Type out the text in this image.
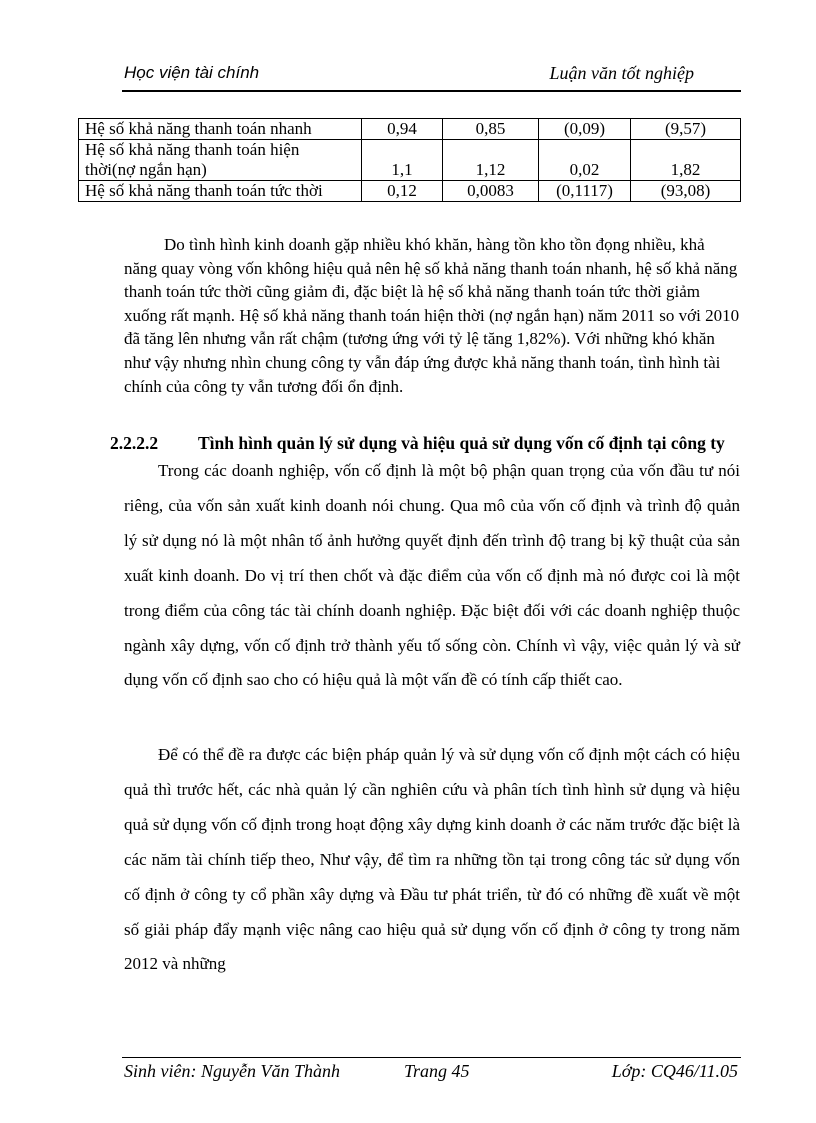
Học viện tài chính	Luận văn tốt nghiệp
Hệ số khả năng thanh toán nhanh	0,94	0,85	(0,09)	(9,57)
Hệ số khả năng thanh toán hiện
thời(nợ ngắn hạn)	1,1	1,12	0,02	1,82
Hệ số khả năng thanh toán tức thời	0,12	0,0083	(0,1117)	(93,08)
Do tình hình kinh doanh gặp nhiều khó khăn, hàng tồn kho tồn đọng nhiều, khả năng quay vòng vốn không hiệu quả nên hệ số khả năng thanh toán nhanh, hệ số khả năng thanh toán tức thời cũng giảm đi, đặc biệt là hệ số khả năng thanh toán tức thời giảm xuống rất mạnh. Hệ số khả năng thanh toán hiện thời (nợ ngắn hạn) năm 2011 so với 2010 đã tăng lên nhưng vẫn rất chậm (tương ứng với tỷ lệ tăng 1,82%). Với những khó khăn như vậy nhưng nhìn chung công ty vẫn đáp ứng được khả năng thanh toán, tình hình tài chính của công ty vẫn tương đối ổn định.
2.2.2.2 Tình hình quản lý sử dụng và hiệu quả sử dụng vốn cố định tại công ty
Trong các doanh nghiệp, vốn cố định là một bộ phận quan trọng của vốn đầu tư nói riêng, của vốn sản xuất kinh doanh nói chung. Qua mô của vốn cố định và trình độ quản lý sử dụng nó là một nhân tố ảnh hưởng quyết định đến trình độ trang bị kỹ thuật của sản xuất kinh doanh. Do vị trí then chốt và đặc điểm của vốn cố định mà nó được coi là một trong điểm của công tác tài chính doanh nghiệp. Đặc biệt đối với các doanh nghiệp thuộc ngành xây dựng, vốn cố định trở thành yếu tố sống còn. Chính vì vậy, việc quản lý và sử dụng vốn cố định sao cho có hiệu quả là một vấn đề có tính cấp thiết cao.
Để có thể đề ra được các biện pháp quản lý và sử dụng vốn cố định một cách có hiệu quả thì trước hết, các nhà quản lý cần nghiên cứu và phân tích tình hình sử dụng và hiệu quả sử dụng vốn cố định trong hoạt động xây dựng kinh doanh ở các năm trước đặc biệt là các năm tài chính tiếp theo, Như vậy, để tìm ra những tồn tại trong công tác sử dụng vốn cố định ở công ty cổ phần xây dựng và Đầu tư phát triển, từ đó có những đề xuất về một số giải pháp đẩy mạnh việc nâng cao hiệu quả sử dụng vốn cố định ở công ty trong năm 2012 và những
Sinh viên: Nguyễn Văn Thành	Trang 45	Lớp: CQ46/11.05
